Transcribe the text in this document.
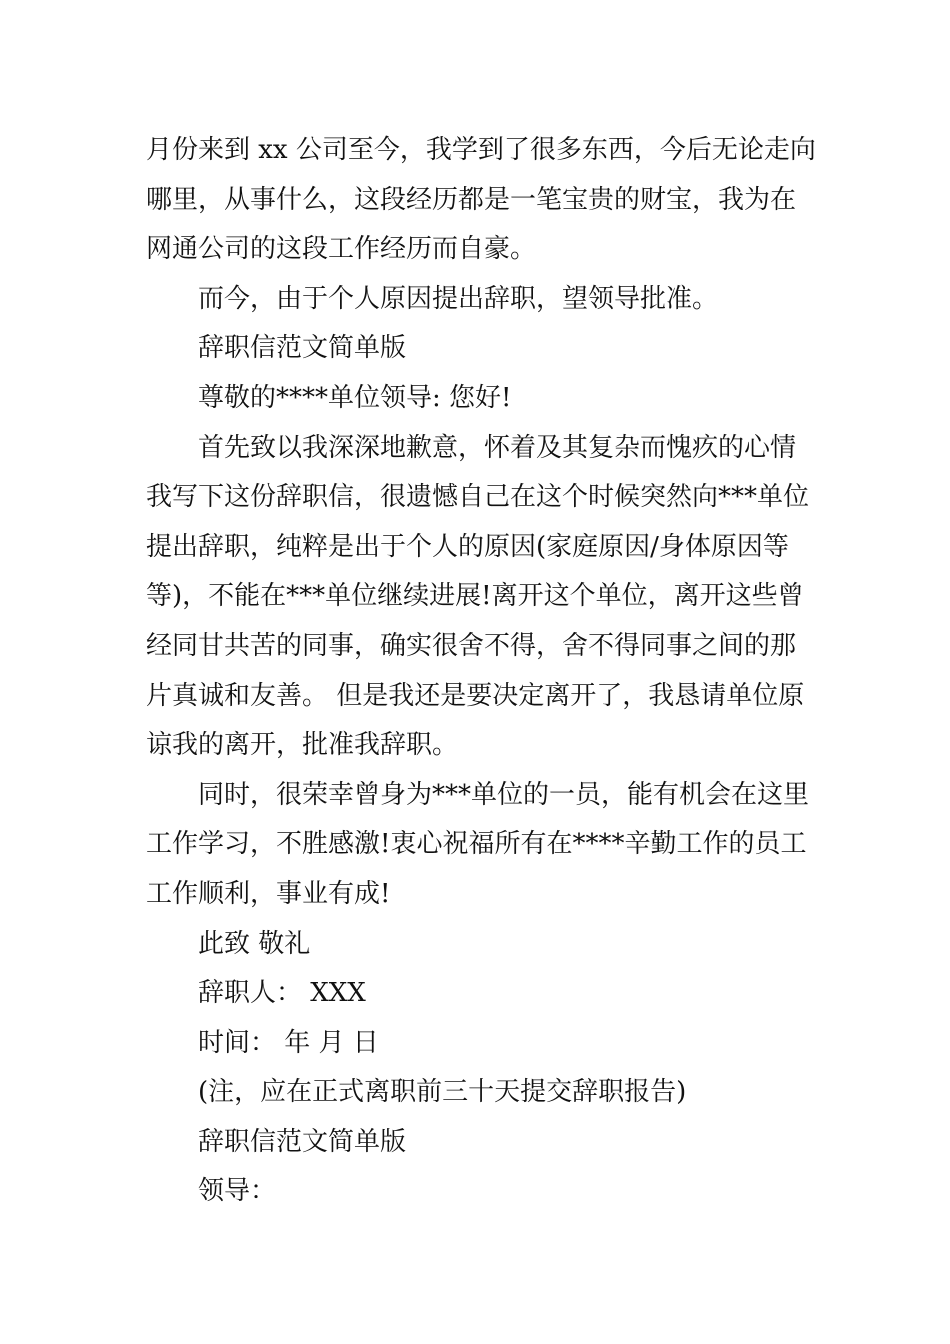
月份来到 xx 公司至今，我学到了很多东西，今后无论走向
哪里，从事什么，这段经历都是一笔宝贵的财宝，我为在
网通公司的这段工作经历而自豪。
而今，由于个人原因提出辞职，望领导批准。
辞职信范文简单版
尊敬的****单位领导: 您好!
首先致以我深深地歉意，怀着及其复杂而愧疚的心情
我写下这份辞职信，很遗憾自己在这个时候突然向***单位
提出辞职，纯粹是出于个人的原因(家庭原因/身体原因等
等)，不能在***单位继续进展!离开这个单位，离开这些曾
经同甘共苦的同事，确实很舍不得，舍不得同事之间的那
片真诚和友善。 但是我还是要决定离开了，我恳请单位原
谅我的离开，批准我辞职。
同时，很荣幸曾身为***单位的一员，能有机会在这里
工作学习，不胜感激!衷心祝福所有在****辛勤工作的员工
工作顺利，事业有成!
此致 敬礼
辞职人： XXX
时间： 年 月 日
(注，应在正式离职前三十天提交辞职报告)
辞职信范文简单版
领导：
